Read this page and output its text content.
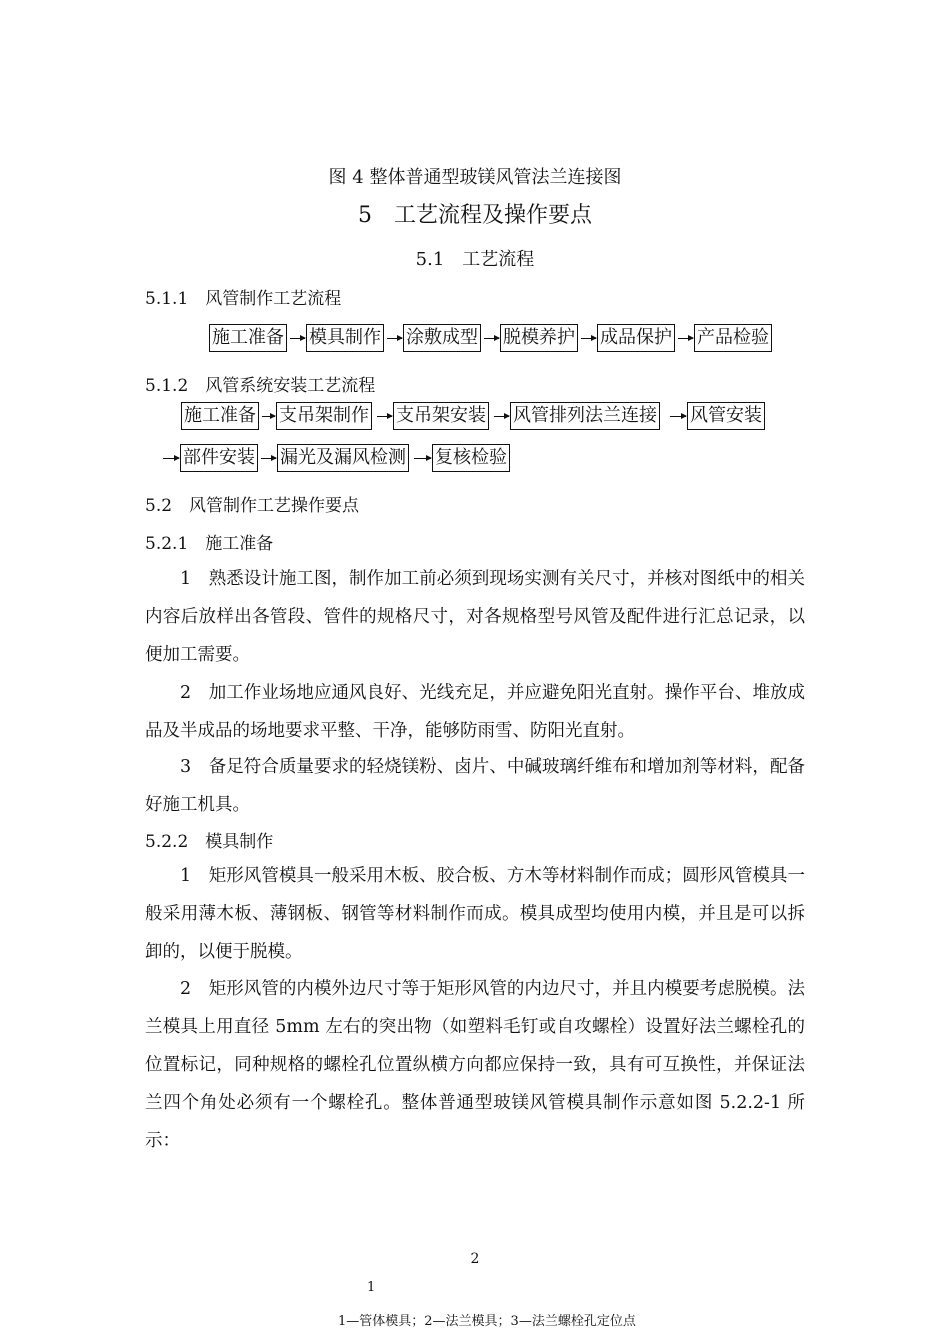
图 4 整体普通型玻镁风管法兰连接图
5　工艺流程及操作要点
5.1　工艺流程
5.1.1　风管制作工艺流程
施工准备 模具制作 涂敷成型 脱模养护 成品保护 产品检验
5.1.2　风管系统安装工艺流程
施工准备 支吊架制作 支吊架安装 风管排列法兰连接 风管安装
部件安装 漏光及漏风检测 复核检验
5.2　风管制作工艺操作要点
5.2.1　施工准备
1　熟悉设计施工图，制作加工前必须到现场实测有关尺寸，并核对图纸中的相关内容后放样出各管段、管件的规格尺寸，对各规格型号风管及配件进行汇总记录，以便加工需要。
2　加工作业场地应通风良好、光线充足，并应避免阳光直射。操作平台、堆放成品及半成品的场地要求平整、干净，能够防雨雪、防阳光直射。
3　备足符合质量要求的轻烧镁粉、卤片、中碱玻璃纤维布和增加剂等材料，配备好施工机具。
5.2.2　模具制作
1　矩形风管模具一般采用木板、胶合板、方木等材料制作而成；圆形风管模具一般采用薄木板、薄钢板、钢管等材料制作而成。模具成型均使用内模，并且是可以拆卸的，以便于脱模。
2　矩形风管的内模外边尺寸等于矩形风管的内边尺寸，并且内模要考虑脱模。法兰模具上用直径 5mm 左右的突出物（如塑料毛钉或自攻螺栓）设置好法兰螺栓孔的位置标记，同种规格的螺栓孔位置纵横方向都应保持一致，具有可互换性，并保证法兰四个角处必须有一个螺栓孔。整体普通型玻镁风管模具制作示意如图 5.2.2-1 所示：
2
1
1—管体模具；2—法兰模具；3—法兰螺栓孔定位点
